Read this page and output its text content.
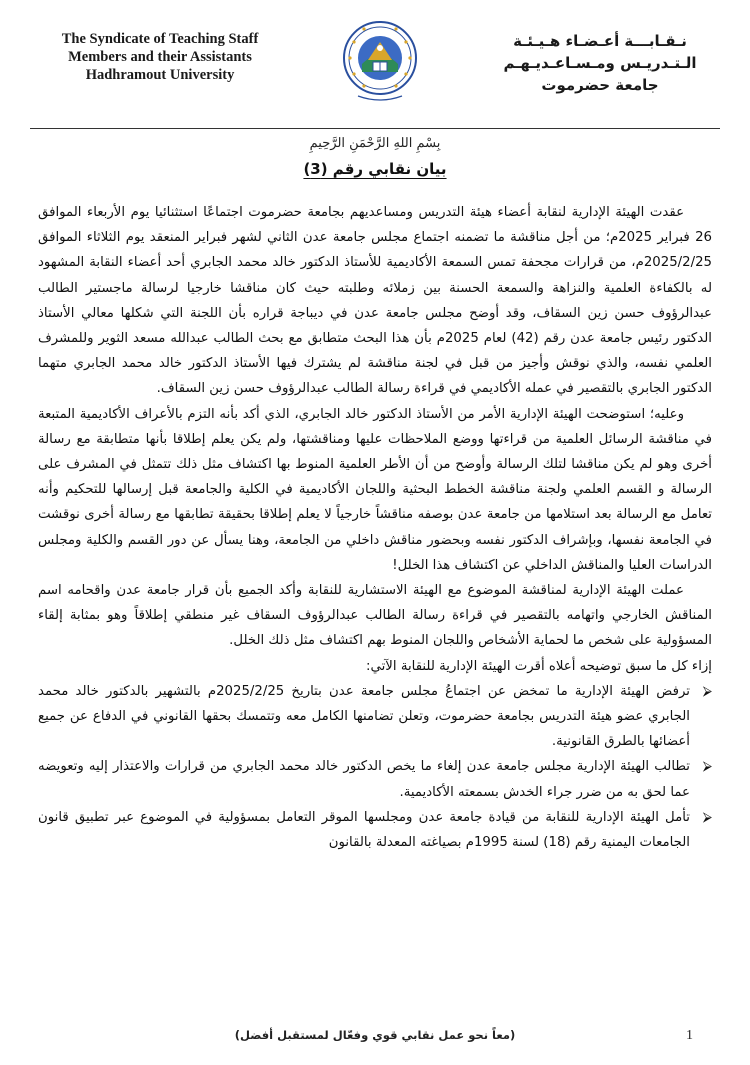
The Syndicate of Teaching Staff
Members and their Assistants
Hadhramout University
نـقـابـــة أعـضـاء هـيـئـة
الـتـدريـس ومـسـاعـديـهـم
جامعة حضرموت
بِسْمِ اللهِ الرَّحْمَنِ الرَّحِيمِ
بيان نقابي رقم (3)

عقدت الهيئة الإدارية لنقابة أعضاء هيئة التدريس ومساعديهم بجامعة حضرموت اجتماعًا استثنائيا يوم الأربعاء الموافق 26 فبراير 2025م؛ من أجل مناقشة ما تضمنه اجتماع مجلس جامعة عدن الثاني لشهر فبراير المنعقد يوم الثلاثاء الموافق 2025/2/25م، من قرارات مجحفة تمس السمعة الأكاديمية للأستاذ الدكتور خالد محمد الجابري أحد أعضاء النقابة المشهود له بالكفاءة العلمية والنزاهة والسمعة الحسنة بين زملائه وطلبته حيث كان مناقشا خارجيا لرسالة ماجستير الطالب عبدالرؤوف حسن زين السقاف، وقد أوضح مجلس جامعة عدن في ديباجة قراره بأن اللجنة التي شكلها معالي الأستاذ الدكتور رئيس جامعة عدن رقم (42) لعام 2025م بأن هذا البحث متطابق مع بحث الطالب عبدالله مسعد الثوير وللمشرف العلمي نفسه، والذي نوقش وأجيز من قبل في لجنة مناقشة لم يشترك فيها الأستاذ الدكتور خالد محمد الجابري متهما الدكتور الجابري بالتقصير في عمله الأكاديمي في قراءة رسالة الطالب عبدالرؤوف حسن زين السقاف.

وعليه؛ استوضحت الهيئة الإدارية الأمر من الأستاذ الدكتور خالد الجابري، الذي أكد بأنه التزم بالأعراف الأكاديمية المتبعة في مناقشة الرسائل العلمية من قراءتها ووضع الملاحظات عليها ومناقشتها، ولم يكن يعلم إطلاقا بأنها متطابقة مع رسالة أخرى وهو لم يكن مناقشا لتلك الرسالة وأوضح من أن الأطر العلمية المنوط بها اكتشاف مثل ذلك تتمثل في المشرف على الرسالة و القسم العلمي ولجنة مناقشة الخطط البحثية واللجان الأكاديمية في الكلية والجامعة قبل إرسالها للتحكيم وأنه تعامل مع الرسالة بعد استلامها من جامعة عدن بوصفه مناقشاً خارجياً لا يعلم إطلاقا بحقيقة تطابقها مع رسالة أخرى نوقشت في الجامعة نفسها، وبإشراف الدكتور نفسه وبحضور مناقش داخلي من الجامعة، وهنا يسأل عن دور القسم والكلية ومجلس الدراسات العليا والمناقش الداخلي عن اكتشاف هذا الخلل!

عملت الهيئة الإدارية لمناقشة الموضوع مع الهيئة الاستشارية للنقابة وأكد الجميع بأن قرار جامعة عدن واقحامه اسم المناقش الخارجي واتهامه بالتقصير في قراءة رسالة الطالب عبدالرؤوف السقاف غير منطقي إطلاقاً وهو بمثابة إلقاء المسؤولية على شخص ما لحماية الأشخاص واللجان المنوط بهم اكتشاف مثل ذلك الخلل.

إزاء كل ما سبق توضيحه أعلاه أقرت الهيئة الإدارية للنقابة الآتي:

⮚
ترفض الهيئة الإدارية ما تمخض عن اجتماعُ مجلس جامعة عدن بتاريخ 2025/2/25م بالتشهير بالدكتور خالد محمد الجابري عضو هيئة التدريس بجامعة حضرموت، وتعلن تضامنها الكامل معه وتتمسك بحقها القانوني في الدفاع عن جميع أعضائها بالطرق القانونية.
⮚
تطالب الهيئة الإدارية مجلس جامعة عدن إلغاء ما يخص الدكتور خالد محمد الجابري من قرارات والاعتذار إليه وتعويضه عما لحق به من ضرر جراء الخدش بسمعته الأكاديمية.
⮚
تأمل الهيئة الإدارية للنقابة من قيادة جامعة عدن ومجلسها الموقر التعامل بمسؤولية في الموضوع عبر تطبيق قانون الجامعات اليمنية رقم (18) لسنة 1995م بصياغته المعدلة بالقانون
(معاً نحو عمل نقابي قوي وفعّال لمستقبل أفضل)	1
